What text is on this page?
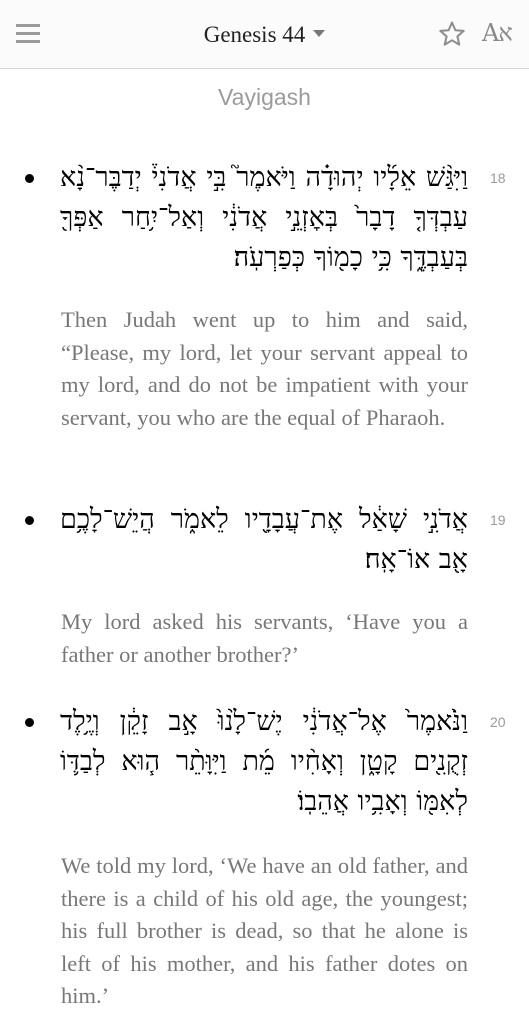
Genesis 44	Aא
Vayigash
18
וַיִּגַּ֨שׁ אֵלָ֜יו יְהוּדָ֗ה וַיֹּאמֶר֮ בִּ֣י אֲדֹנִי֒ יְדַבֶּר־נָ֨א עַבְדְּךָ֤ דָבָר֙ בְּאׇזְנֵ֣י אֲדֹנִ֔י וְאַל־יִ֥חַר אַפְּךָ֖ בְּעַבְדֶּ֑ךָ כִּ֥י כָמ֖וֹךָ כְּפַרְעֹֽה׃
Then Judah went up to him and said, “Please, my lord, let your servant appeal to my lord, and do not be impatient with your servant, you who are the equal of Pharaoh.
19
אֲדֹנִ֣י שָׁאַ֔ל אֶת־עֲבָדָ֖יו לֵאמֹ֑ר הֲיֵשׁ־לָכֶ֥ם אָ֖ב אוֹ־אָֽח׃
My lord asked his servants, ‘Have you a father or another brother?’
20
וַנֹּ֙אמֶר֙ אֶל־אֲדֹנִ֔י יֶשׁ־לָ֙נוּ֙ אָ֣ב זָקֵ֔ן וְיֶ֥לֶד זְקֻנִ֖ים קָטָ֑ן וְאָחִ֨יו מֵ֜ת וַיִּוָּתֵ֨ר ה֧וּא לְבַדּ֛וֹ לְאִמּ֖וֹ וְאָבִ֥יו אֲהֵבֽוֹ׃
We told my lord, ‘We have an old father, and there is a child of his old age, the youngest; his full brother is dead, so that he alone is left of his mother, and his father dotes on him.’
